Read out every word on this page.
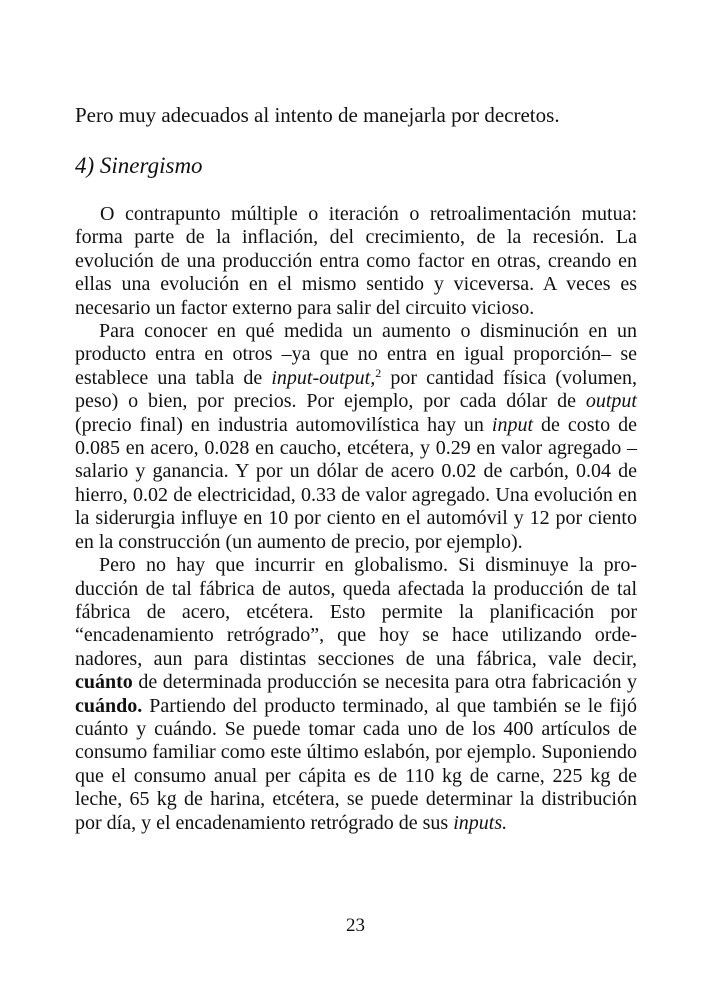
Pero muy adecuados al intento de manejarla por decretos.

4) Sinergismo

O contrapunto múltiple o iteración o retroalimentación mutua: forma parte de la inflación, del crecimiento, de la recesión. La evolución de una producción entra como factor en otras, creando en ellas una evolución en el mismo sentido y viceversa. A veces es necesario un factor externo para salir del circuito vicioso.

Para conocer en qué medida un aumento o disminución en un producto entra en otros –ya que no entra en igual proporción– se establece una tabla de input-output,$^2$ por cantidad física (volumen, peso) o bien, por precios. Por ejemplo, por cada dólar de output (precio final) en industria automovilística hay un input de costo de 0.085 en acero, 0.028 en caucho, etcétera, y 0.29 en valor agregado –salario y ganancia. Y por un dólar de acero 0.02 de carbón, 0.04 de hierro, 0.02 de electricidad, 0.33 de valor agregado. Una evolución en la siderurgia influye en 10 por ciento en el automóvil y 12 por ciento en la construcción (un aumento de precio, por ejemplo).

Pero no hay que incurrir en globalismo. Si disminuye la producción de tal fábrica de autos, queda afectada la producción de tal fábrica de acero, etcétera. Esto permite la planificación por “encadenamiento retrógrado”, que hoy se hace utilizando ordenadores, aun para distintas secciones de una fábrica, vale decir, cuánto de determinada producción se necesita para otra fabricación y cuándo. Partiendo del producto terminado, al que también se le fijó cuánto y cuándo. Se puede tomar cada uno de los 400 artículos de consumo familiar como este último eslabón, por ejemplo. Suponiendo que el consumo anual per cápita es de 110 kg de carne, 225 kg de leche, 65 kg de harina, etcétera, se puede determinar la distribución por día, y el encadenamiento retrógrado de sus inputs.

23
